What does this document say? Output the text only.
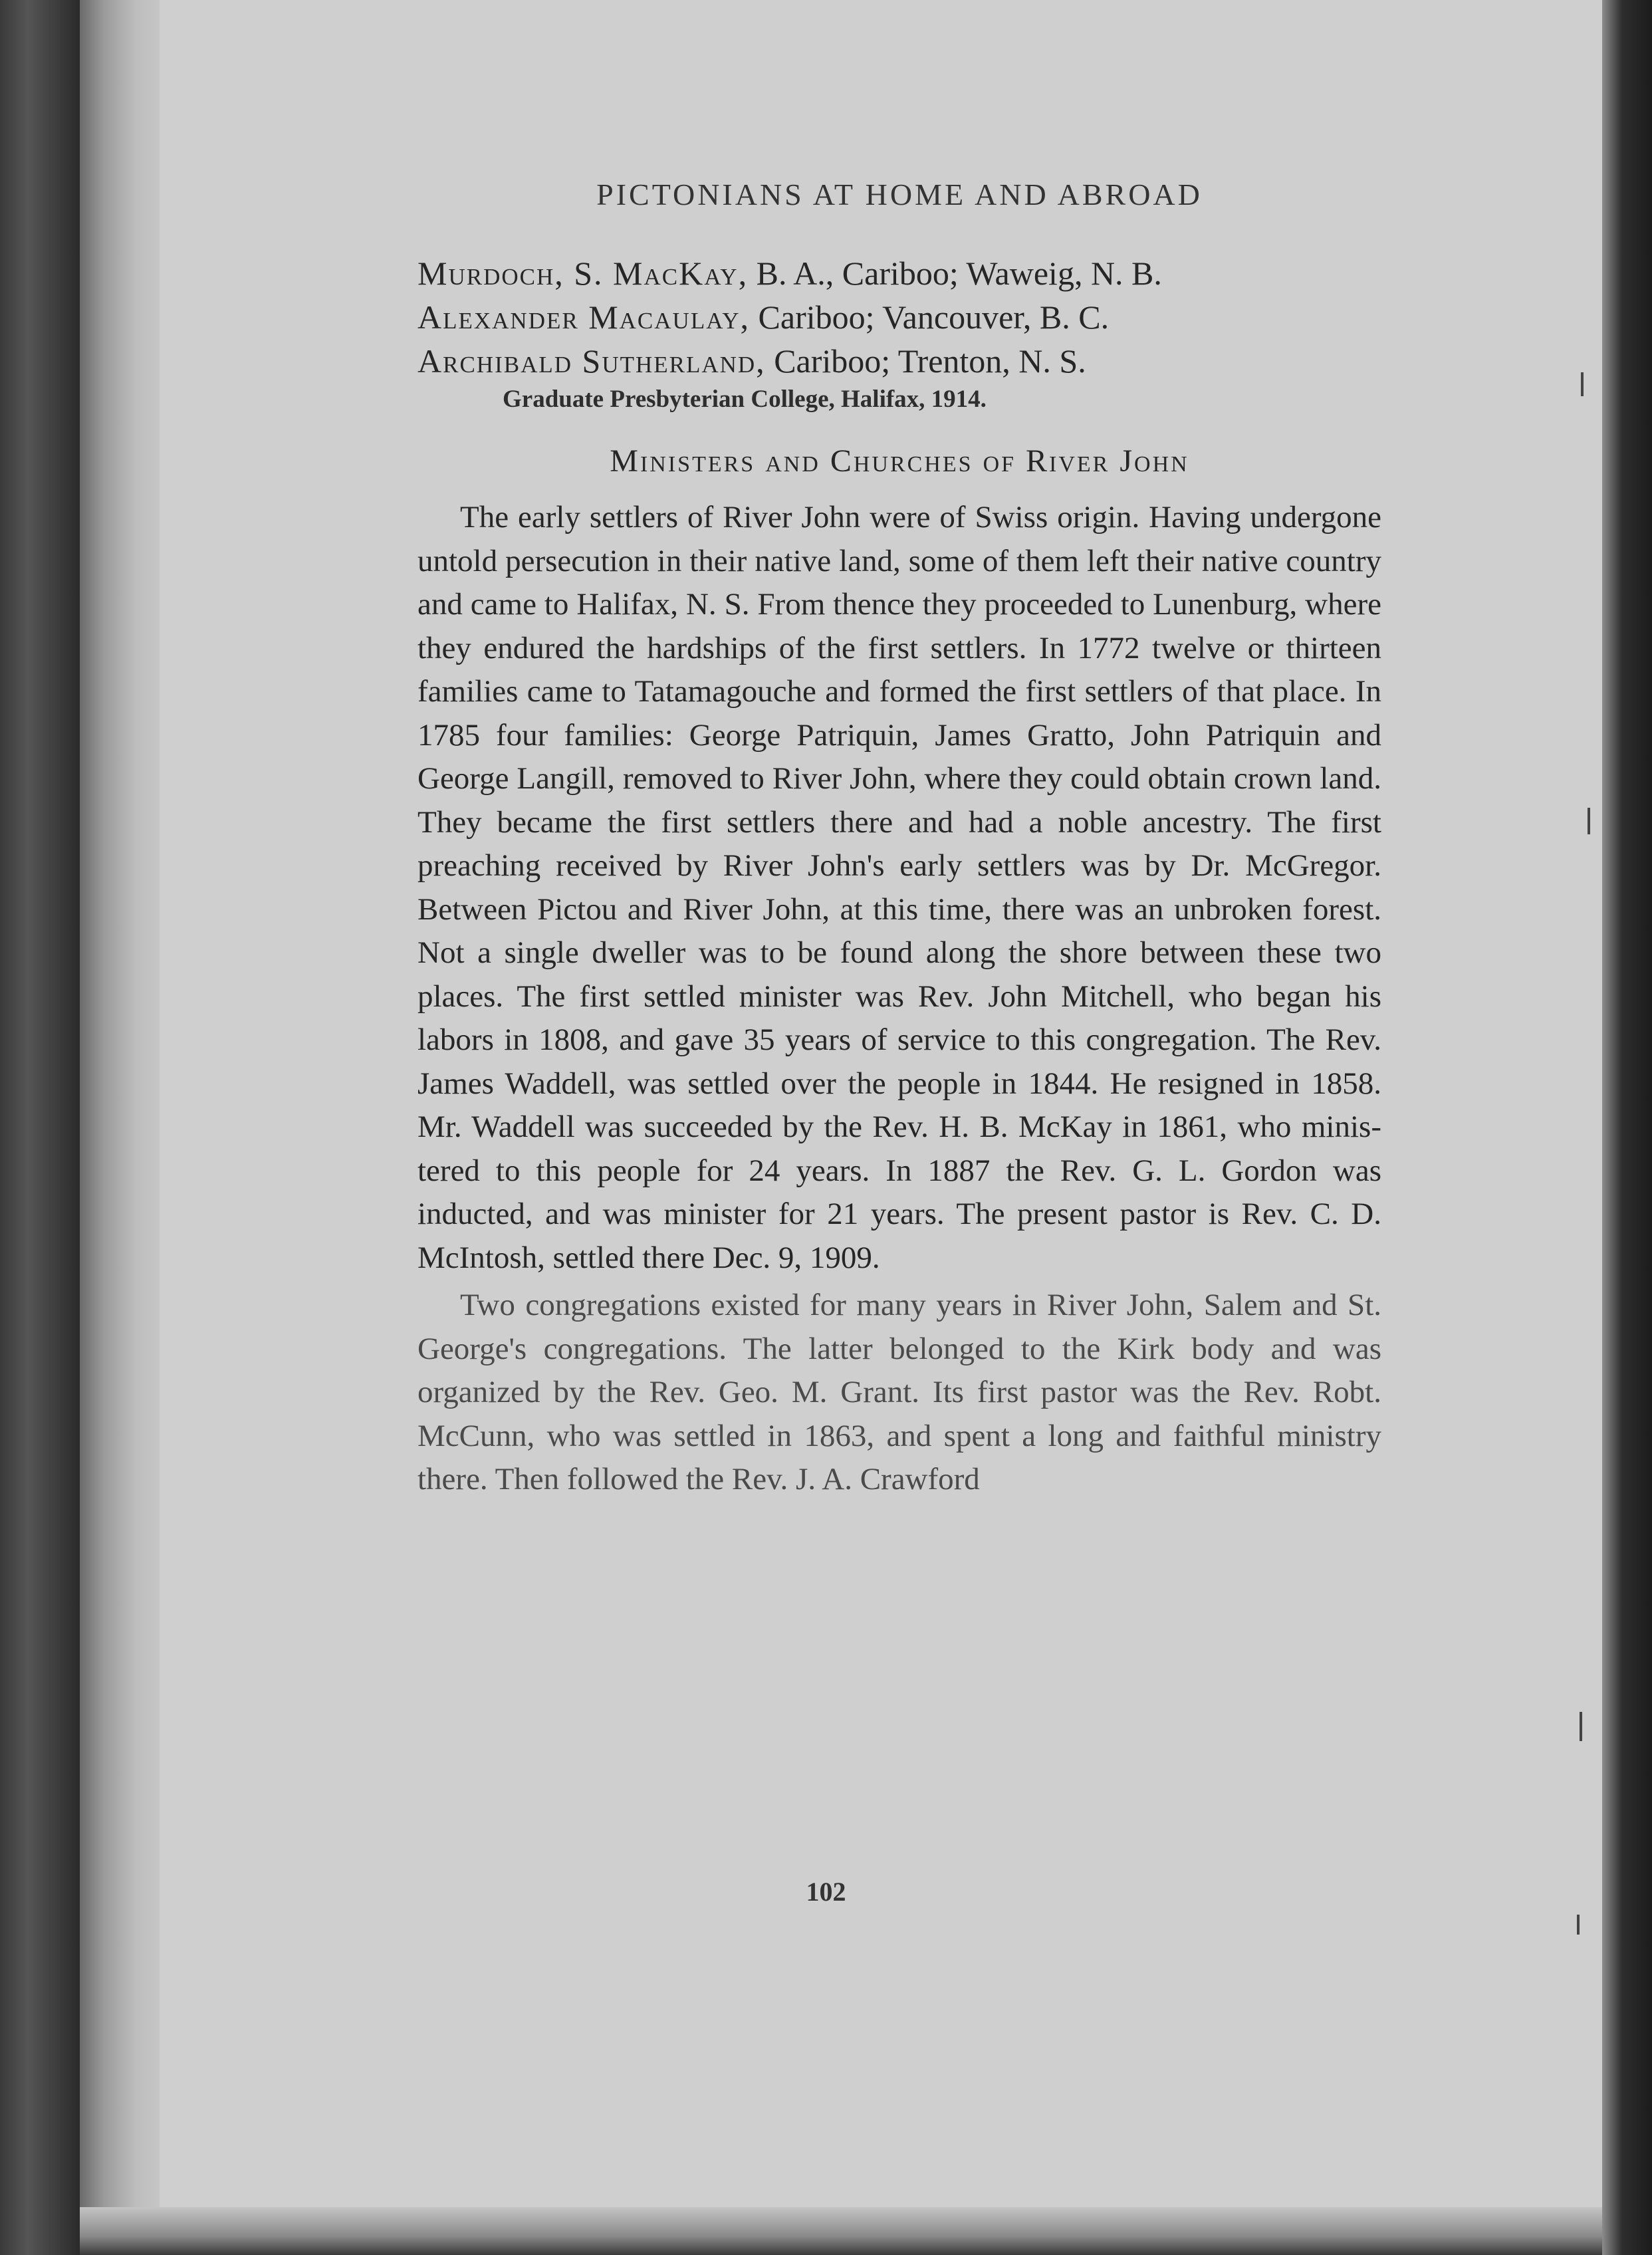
PICTONIANS AT HOME AND ABROAD

Murdoch, S. MacKay, B. A., Cariboo; Waweig, N. B.

Alexander Macaulay, Cariboo; Vancouver, B. C.

Archibald Sutherland, Cariboo; Trenton, N. S.

Graduate Presbyterian College, Halifax, 1914.

Ministers and Churches of River John

The early settlers of River John were of Swiss origin. Having undergone untold persecution in their native land, some of them left their native country and came to Halifax, N. S. From thence they proceeded to Lunenburg, where they endured the hardships of the first settlers. In 1772 twelve or thirteen families came to Tatamagouche and formed the first settlers of that place. In 1785 four families: George Patriquin, James Gratto, John Patriquin and George Langill, removed to River John, where they could obtain crown land. They became the first settlers there and had a noble ancestry. The first preaching received by River John's early settlers was by Dr. McGregor. Between Pictou and River John, at this time, there was an unbroken forest. Not a single dweller was to be found along the shore between these two places. The first settled minister was Rev. John Mitchell, who began his labors in 1808, and gave 35 years of service to this congregation. The Rev. James Waddell, was settled over the people in 1844. He resigned in 1858. Mr. Waddell was succeeded by the Rev. H. B. McKay in 1861, who ministered to this people for 24 years. In 1887 the Rev. G. L. Gordon was inducted, and was minister for 21 years. The present pastor is Rev. C. D. McIntosh, settled there Dec. 9, 1909.

Two congregations existed for many years in River John, Salem and St. George's congregations. The latter belonged to the Kirk body and was organized by the Rev. Geo. M. Grant. Its first pastor was the Rev. Robt. McCunn, who was settled in 1863, and spent a long and faithful ministry there. Then followed the Rev. J. A. Crawford

102
